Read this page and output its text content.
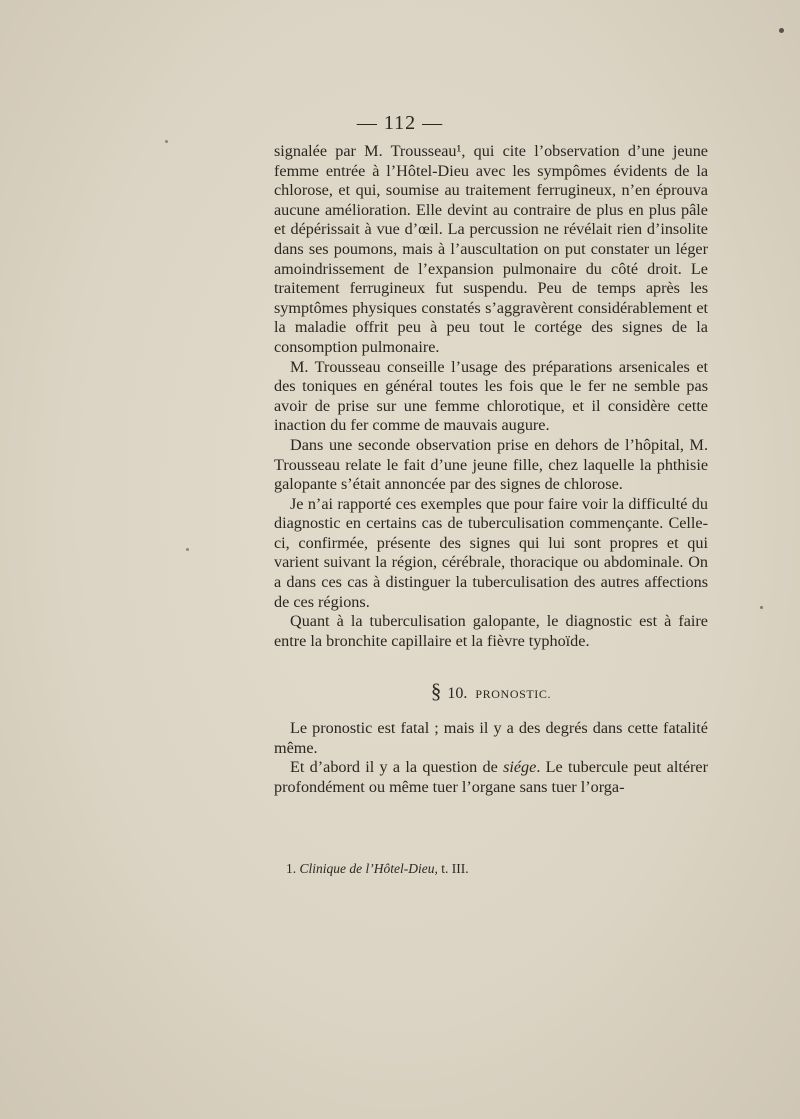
— 112 —

signalée par M. Trousseau¹, qui cite l’observation d’une jeune femme entrée à l’Hôtel-Dieu avec les sympômes évidents de la chlorose, et qui, soumise au traitement ferrugineux, n’en éprouva aucune amélioration. Elle devint au contraire de plus en plus pâle et dépérissait à vue d’œil. La percussion ne révélait rien d’insolite dans ses poumons, mais à l’auscultation on put constater un léger amoindrissement de l’expansion pulmonaire du côté droit. Le traitement ferrugineux fut suspendu. Peu de temps après les symptômes physiques constatés s’aggravèrent considérablement et la maladie offrit peu à peu tout le cortége des signes de la consomption pulmonaire.

M. Trousseau conseille l’usage des préparations arsenicales et des toniques en général toutes les fois que le fer ne semble pas avoir de prise sur une femme chlorotique, et il considère cette inaction du fer comme de mauvais augure.

Dans une seconde observation prise en dehors de l’hôpital, M. Trousseau relate le fait d’une jeune fille, chez laquelle la phthisie galopante s’était annoncée par des signes de chlorose.

Je n’ai rapporté ces exemples que pour faire voir la difficulté du diagnostic en certains cas de tuberculisation commençante. Celle-ci, confirmée, présente des signes qui lui sont propres et qui varient suivant la région, cérébrale, thoracique ou abdominale. On a dans ces cas à distinguer la tuberculisation des autres affections de ces régions.

Quant à la tuberculisation galopante, le diagnostic est à faire entre la bronchite capillaire et la fièvre typhoïde.

§ 10. PRONOSTIC.

Le pronostic est fatal ; mais il y a des degrés dans cette fatalité même.

Et d’abord il y a la question de siége. Le tubercule peut altérer profondément ou même tuer l’organe sans tuer l’orga-

1. Clinique de l’Hôtel-Dieu, t. III.
